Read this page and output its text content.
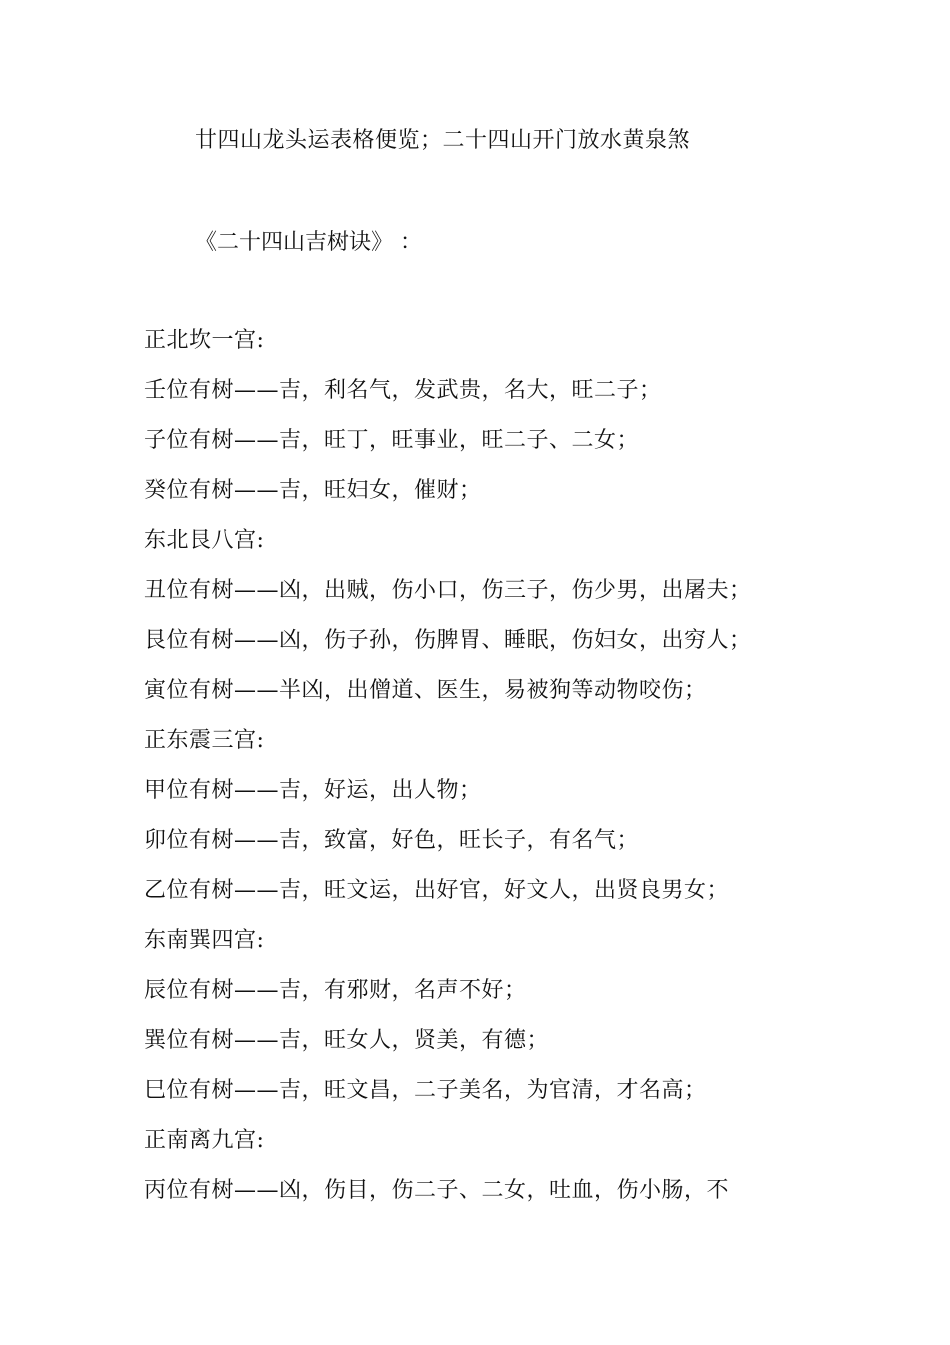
廿四山龙头运表格便览；二十四山开门放水黄泉煞
《二十四山吉树诀》 ：
正北坎一宫:
壬位有树——吉，利名气，发武贵，名大，旺二子；
子位有树——吉，旺丁，旺事业，旺二子、二女；
癸位有树——吉，旺妇女，催财；
东北艮八宫:
丑位有树——凶，出贼，伤小口，伤三子，伤少男，出屠夫；
艮位有树——凶，伤子孙，伤脾胃、睡眠，伤妇女，出穷人；
寅位有树——半凶，出僧道、医生，易被狗等动物咬伤；
正东震三宫:
甲位有树——吉，好运，出人物；
卯位有树——吉，致富，好色，旺长子，有名气；
乙位有树——吉，旺文运，出好官，好文人，出贤良男女；
东南巽四宫:
辰位有树——吉，有邪财，名声不好；
巽位有树——吉，旺女人，贤美，有德；
巳位有树——吉，旺文昌，二子美名，为官清，才名高；
正南离九宫:
丙位有树——凶，伤目，伤二子、二女，吐血，伤小肠，不
